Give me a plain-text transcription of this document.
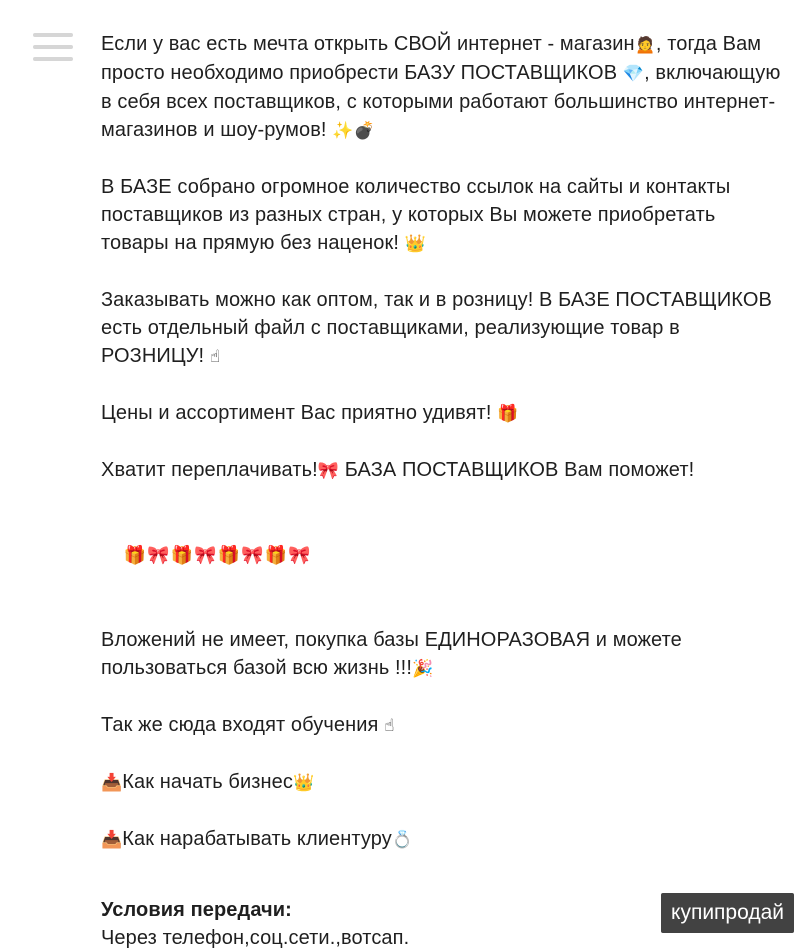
Если у вас есть мечта открыть СВОЙ интернет - магазин🙍, тогда Вам просто необходимо приобрести БАЗУ ПОСТАВЩИКОВ 💎, включающую в себя всех поставщиков, с которыми работают большинство интернет-магазинов и шоу-румов! ✨💣

В БАЗЕ собрано огромное количество ссылок на сайты и контакты поставщиков из разных стран, у которых Вы можете приобретать товары на прямую без наценок! 👑

Заказывать можно как оптом, так и в розницу! В БАЗЕ ПОСТАВЩИКОВ есть отдельный файл с поставщиками, реализующие товар в РОЗНИЦУ! ☝

Цены и ассортимент Вас приятно удивят! 🎁

Хватит переплачивать!🎀 БАЗА ПОСТАВЩИКОВ Вам поможет!

🎁🎀🎁🎀🎁🎀🎁🎀

Вложений не имеет, покупка базы ЕДИНОРАЗОВАЯ и можете пользоваться базой всю жизнь !!!🎉

Так же сюда входят обучения ☝

📥Как начать бизнес👑

📥Как нарабатывать клиентуру💍

Условия передачи:

Через телефон,соц.сети.,вотсап.

купипродай
